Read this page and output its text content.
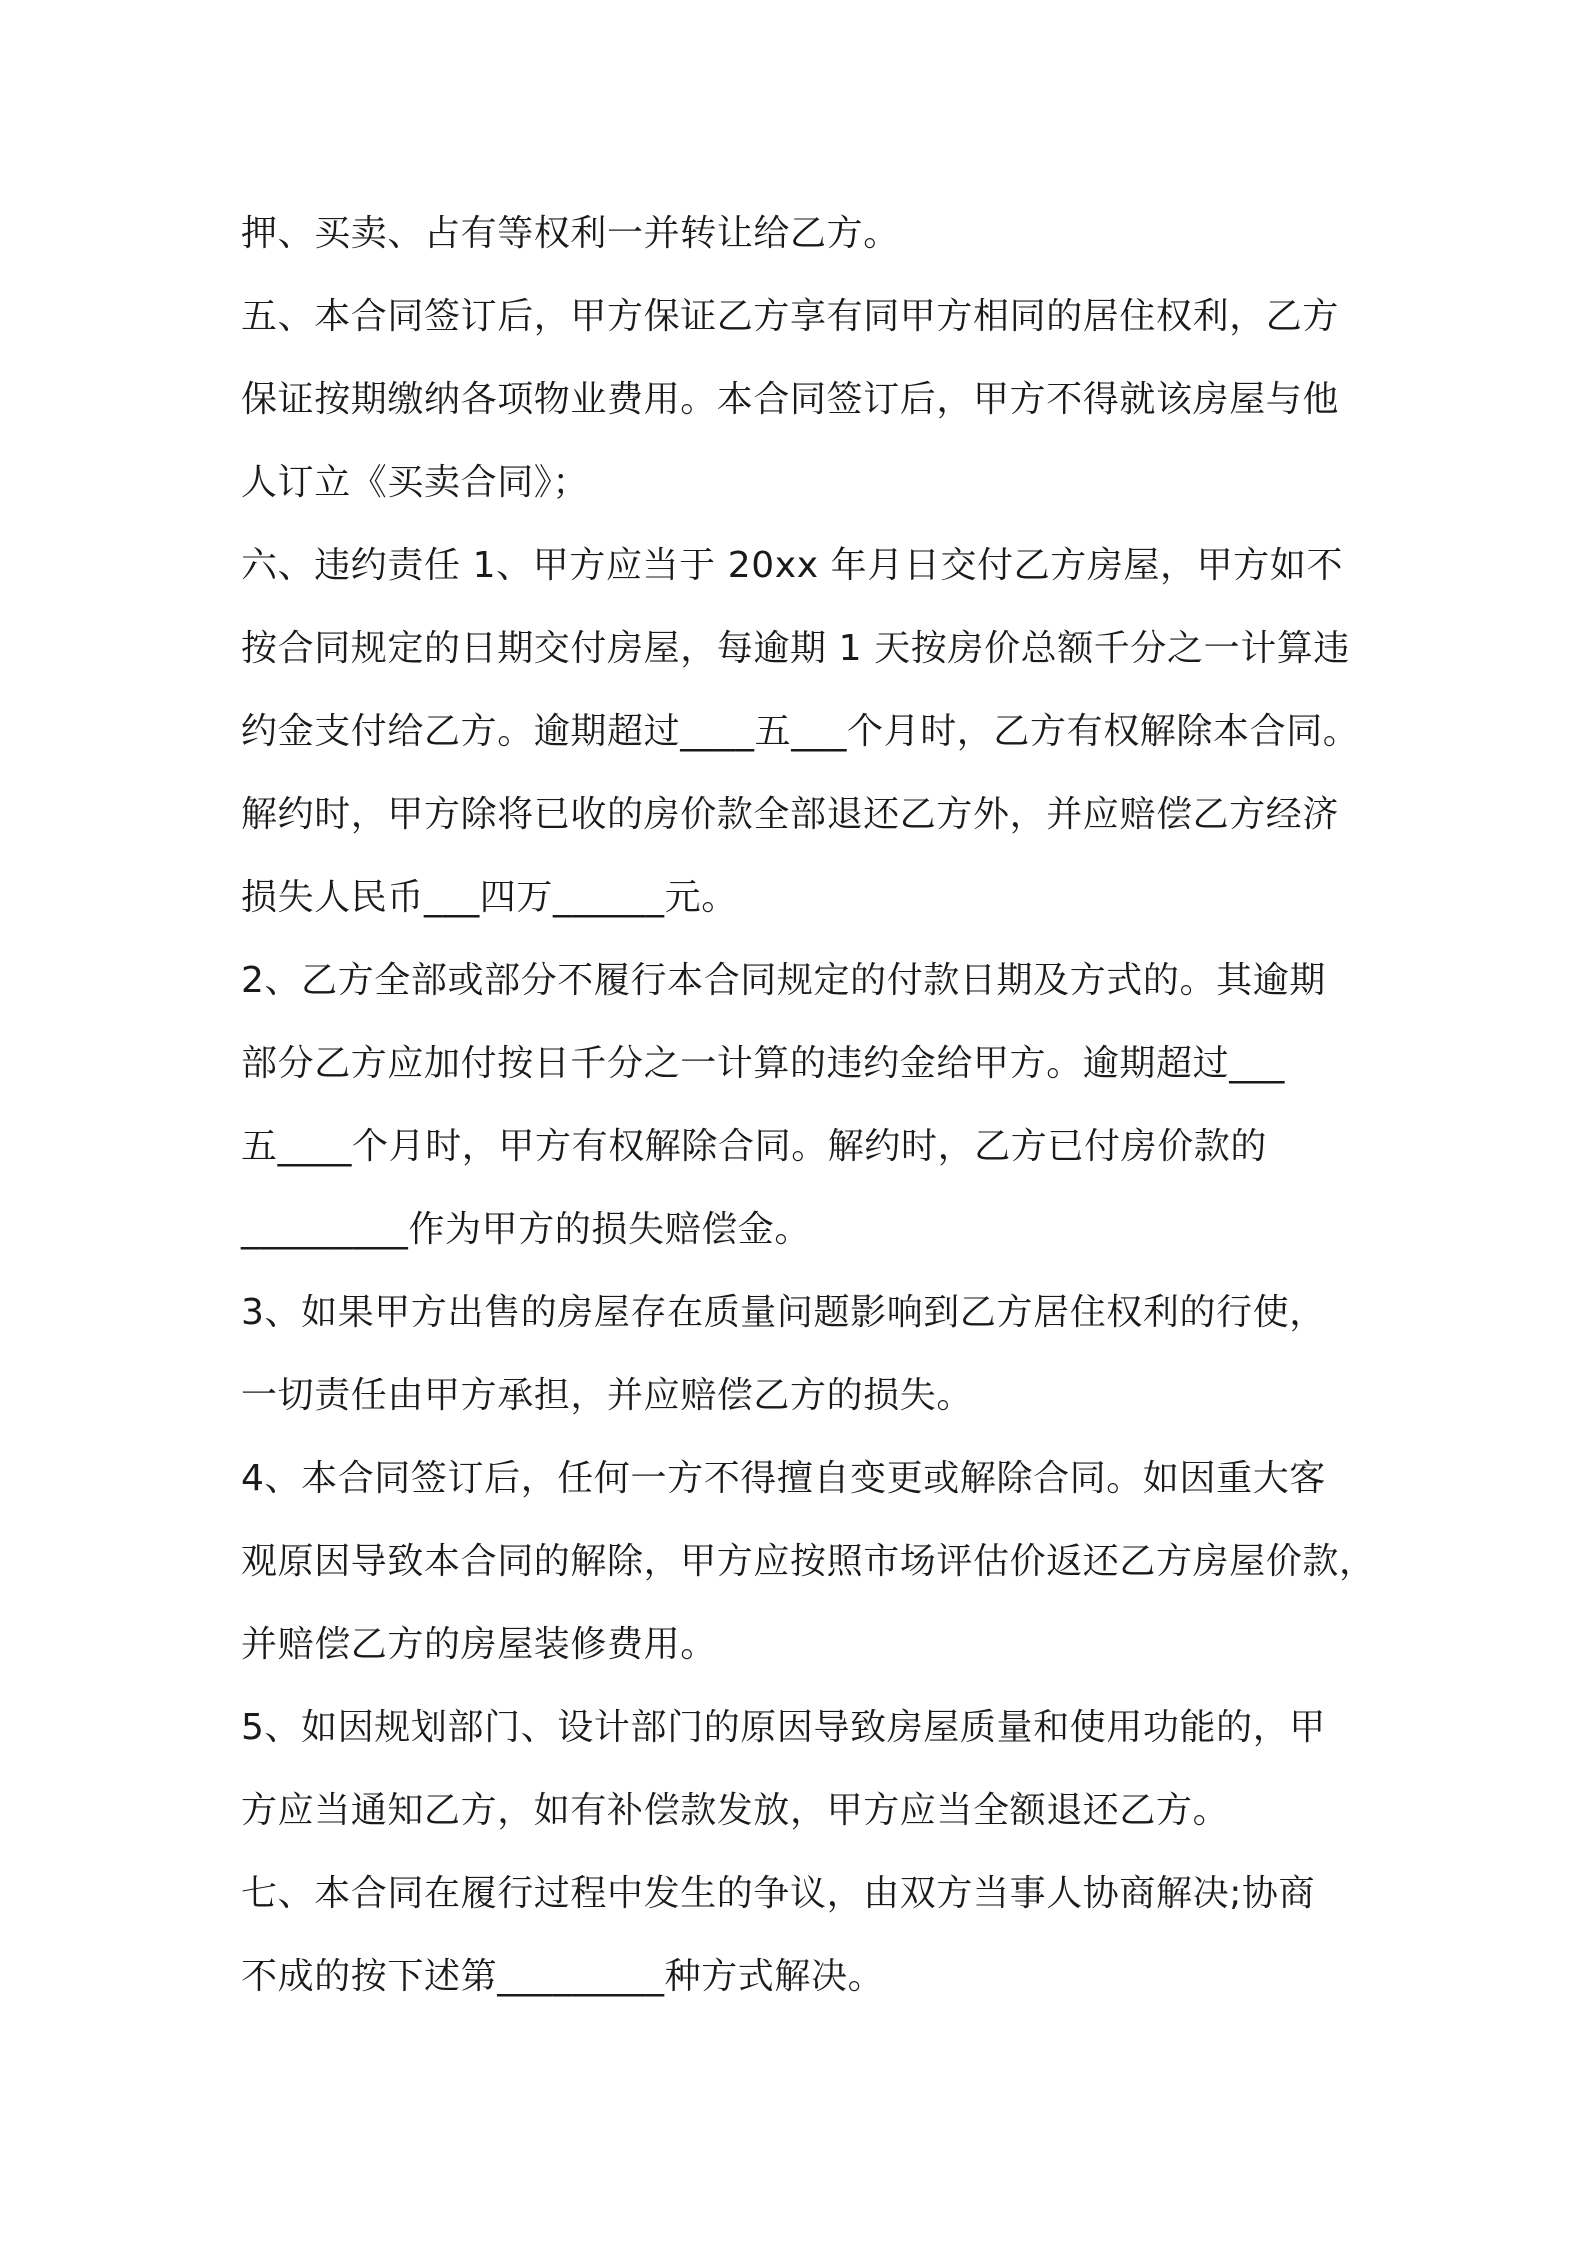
押、买卖、占有等权利一并转让给乙方。
五、本合同签订后，甲方保证乙方享有同甲方相同的居住权利，乙方
保证按期缴纳各项物业费用。本合同签订后，甲方不得就该房屋与他
人订立《买卖合同》；
六、违约责任 1、甲方应当于 20xx 年月日交付乙方房屋，甲方如不
按合同规定的日期交付房屋，每逾期 1 天按房价总额千分之一计算违
约金支付给乙方。逾期超过____五___个月时，乙方有权解除本合同。
解约时，甲方除将已收的房价款全部退还乙方外，并应赔偿乙方经济
损失人民币___四万______元。
2、乙方全部或部分不履行本合同规定的付款日期及方式的。其逾期
部分乙方应加付按日千分之一计算的违约金给甲方。逾期超过___
五____个月时，甲方有权解除合同。解约时，乙方已付房价款的
_________作为甲方的损失赔偿金。
3、如果甲方出售的房屋存在质量问题影响到乙方居住权利的行使，
一切责任由甲方承担，并应赔偿乙方的损失。
4、本合同签订后，任何一方不得擅自变更或解除合同。如因重大客
观原因导致本合同的解除，甲方应按照市场评估价返还乙方房屋价款，
并赔偿乙方的房屋装修费用。
5、如因规划部门、设计部门的原因导致房屋质量和使用功能的，甲
方应当通知乙方，如有补偿款发放，甲方应当全额退还乙方。
七、本合同在履行过程中发生的争议，由双方当事人协商解决;协商
不成的按下述第_________种方式解决。
